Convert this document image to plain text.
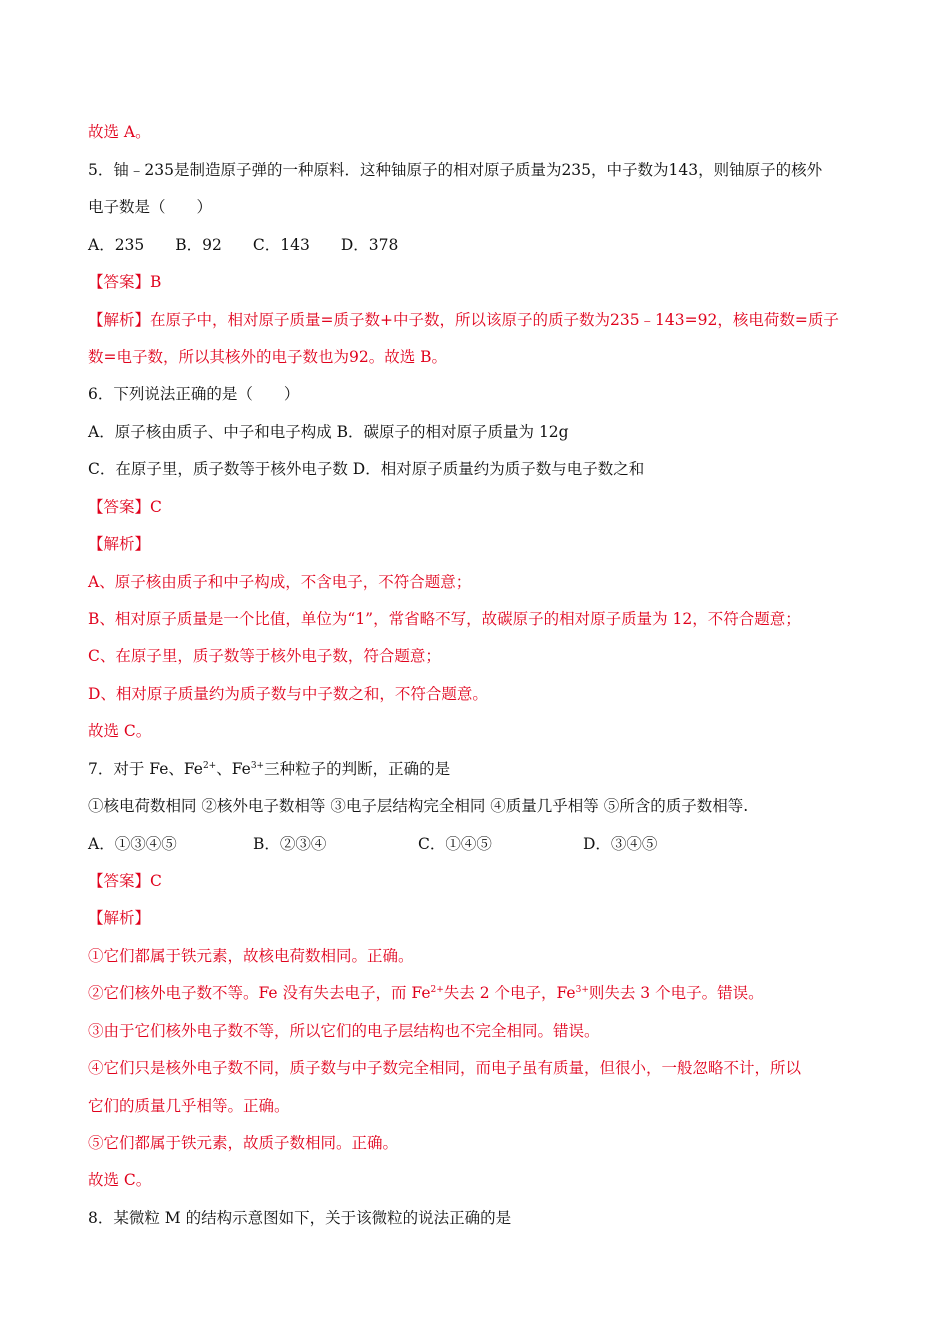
故选 A。
5．铀﹣235是制造原子弹的一种原料．这种铀原子的相对原子质量为235，中子数为143，则铀原子的核外
电子数是（　　）
A．235　　B．92　　C．143　　D．378
【答案】B
【解析】在原子中，相对原子质量=质子数+中子数，所以该原子的质子数为235﹣143=92，核电荷数=质子
数=电子数，所以其核外的电子数也为92。故选 B。
6．下列说法正确的是（　　）
A．原子核由质子、中子和电子构成 B．碳原子的相对原子质量为 12g
C．在原子里，质子数等于核外电子数 D．相对原子质量约为质子数与电子数之和
【答案】C
【解析】
A、原子核由质子和中子构成，不含电子，不符合题意；
B、相对原子质量是一个比值，单位为“1”，常省略不写，故碳原子的相对原子质量为 12，不符合题意；
C、在原子里，质子数等于核外电子数，符合题意；
D、相对原子质量约为质子数与中子数之和，不符合题意。
故选 C。
7．对于 Fe、$Fe^{2+}$、$Fe^{3+}$三种粒子的判断，正确的是
①核电荷数相同 ②核外电子数相等 ③电子层结构完全相同 ④质量几乎相等 ⑤所含的质子数相等.
A．①③④⑤	B．②③④	C．①④⑤	D．③④⑤
【答案】C
【解析】
①它们都属于铁元素，故核电荷数相同。正确。
②它们核外电子数不等。Fe 没有失去电子，而 $Fe^{2+}$失去 2 个电子，$Fe^{3+}$则失去 3 个电子。错误。
③由于它们核外电子数不等，所以它们的电子层结构也不完全相同。错误。
④它们只是核外电子数不同，质子数与中子数完全相同，而电子虽有质量，但很小，一般忽略不计，所以
它们的质量几乎相等。正确。
⑤它们都属于铁元素，故质子数相同。正确。
故选 C。
8．某微粒 M 的结构示意图如下，关于该微粒的说法正确的是
